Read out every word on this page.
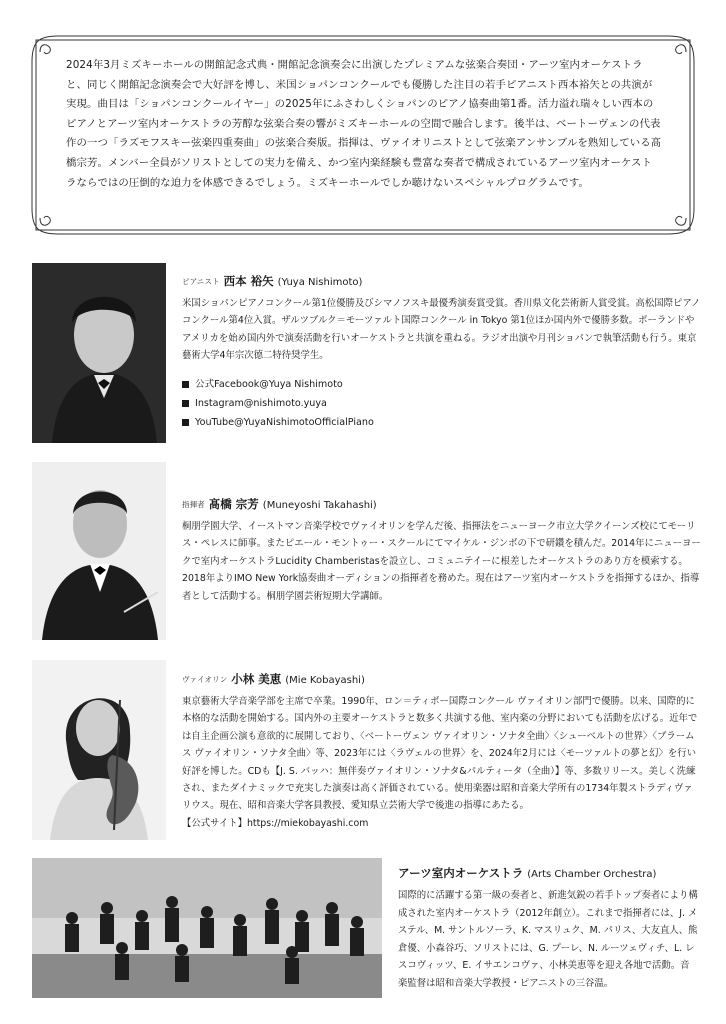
2024年3月ミズキーホールの開館記念式典・開館記念演奏会に出演したプレミアムな弦楽合奏団・アーツ室内オーケストラと、同じく開館記念演奏会で大好評を博し、米国ショパンコンクールでも優勝した注目の若手ピアニスト西本裕矢との共演が実現。曲目は「ショパンコンクールイヤー」の2025年にふさわしくショパンのピアノ協奏曲第1番。活力溢れ瑞々しい西本のピアノとアーツ室内オーケストラの芳醇な弦楽合奏の響がミズキーホールの空間で融合します。後半は、ベートーヴェンの代表作の一つ「ラズモフスキー弦楽四重奏曲」の弦楽合奏版。指揮は、ヴァイオリニストとして弦楽アンサンブルを熟知している髙橋宗芳。メンバー全員がソリストとしての実力を備え、かつ室内楽経験も豊富な奏者で構成されているアーツ室内オーケストラならではの圧倒的な迫力を体感できるでしょう。ミズキーホールでしか聴けないスペシャルプログラムです。

ピアニスト 西本 裕矢 (Yuya Nishimoto)

米国ショパンピアノコンクール第1位優勝及びシマノフスキ最優秀演奏賞受賞。香川県文化芸術新人賞受賞。高松国際ピアノコンクール第4位入賞。ザルツブルク＝モーツァルト国際コンクール in Tokyo 第1位ほか国内外で優勝多数。ポーランドやアメリカを始め国内外で演奏活動を行いオーケストラと共演を重ねる。ラジオ出演や月刊ショパンで執筆活動も行う。東京藝術大学4年宗次德二特待奨学生。

公式Facebook@Yuya Nishimoto
Instagram@nishimoto.yuya
YouTube@YuyaNishimotoOfficialPiano
指揮者 髙橋 宗芳 (Muneyoshi Takahashi)

桐朋学園大学、イーストマン音楽学校でヴァイオリンを学んだ後、指揮法をニューヨーク市立大学クイーンズ校にてモーリス・ペレスに師事。またピエール・モントゥー・スクールにてマイケル・ジンボの下で研鑽を積んだ。2014年にニューヨークで室内オーケストラLucidity Chamberistasを設立し、コミュニテイーに根差したオーケストラのあり方を模索する。2018年よりIMO New York協奏曲オーディションの指揮者を務めた。現在はアーツ室内オーケストラを指揮するほか、指導者として活動する。桐朋学園芸術短期大学講師。

ヴァイオリン 小林 美恵 (Mie Kobayashi)

東京藝術大学音楽学部を主席で卒業。1990年、ロン＝ティボー国際コンクール ヴァイオリン部門で優勝。以来、国際的に本格的な活動を開始する。国内外の主要オーケストラと数多く共演する他、室内楽の分野においても活動を広げる。近年では自主企画公演も意欲的に展開しており、〈ベートーヴェン ヴァイオリン・ソナタ全曲〉〈シューベルトの世界〉〈ブラームス ヴァイオリン・ソナタ全曲〉等、2023年には〈ラヴェルの世界〉を、2024年2月には〈モーツァルトの夢と幻〉を行い好評を博した。CDも【J. S. バッハ：無伴奏ヴァイオリン・ソナタ&パルティータ（全曲）】等、多数リリース。美しく洗練され、またダイナミックで充実した演奏は高く評価されている。使用楽器は昭和音楽大学所有の1734年製ストラディヴァリウス。現在、昭和音楽大学客員教授、愛知県立芸術大学で後進の指導にあたる。

【公式サイト】https://miekobayashi.com
アーツ室内オーケストラ (Arts Chamber Orchestra)

国際的に活躍する第一級の奏者と、新進気鋭の若手トップ奏者により構成された室内オーケストラ（2012年創立）。これまで指揮者には、J. メステル、M. サントルソーラ、K. マスリュク、M. パリス、大友直人、熊倉優、小森谷巧、ソリストには、G. プーレ、N. ルーツェヴィチ、L. レスコヴィッツ、E. イサエンコヴァ、小林美恵等を迎え各地で活動。音楽監督は昭和音楽大学教授・ピアニストの三谷温。
